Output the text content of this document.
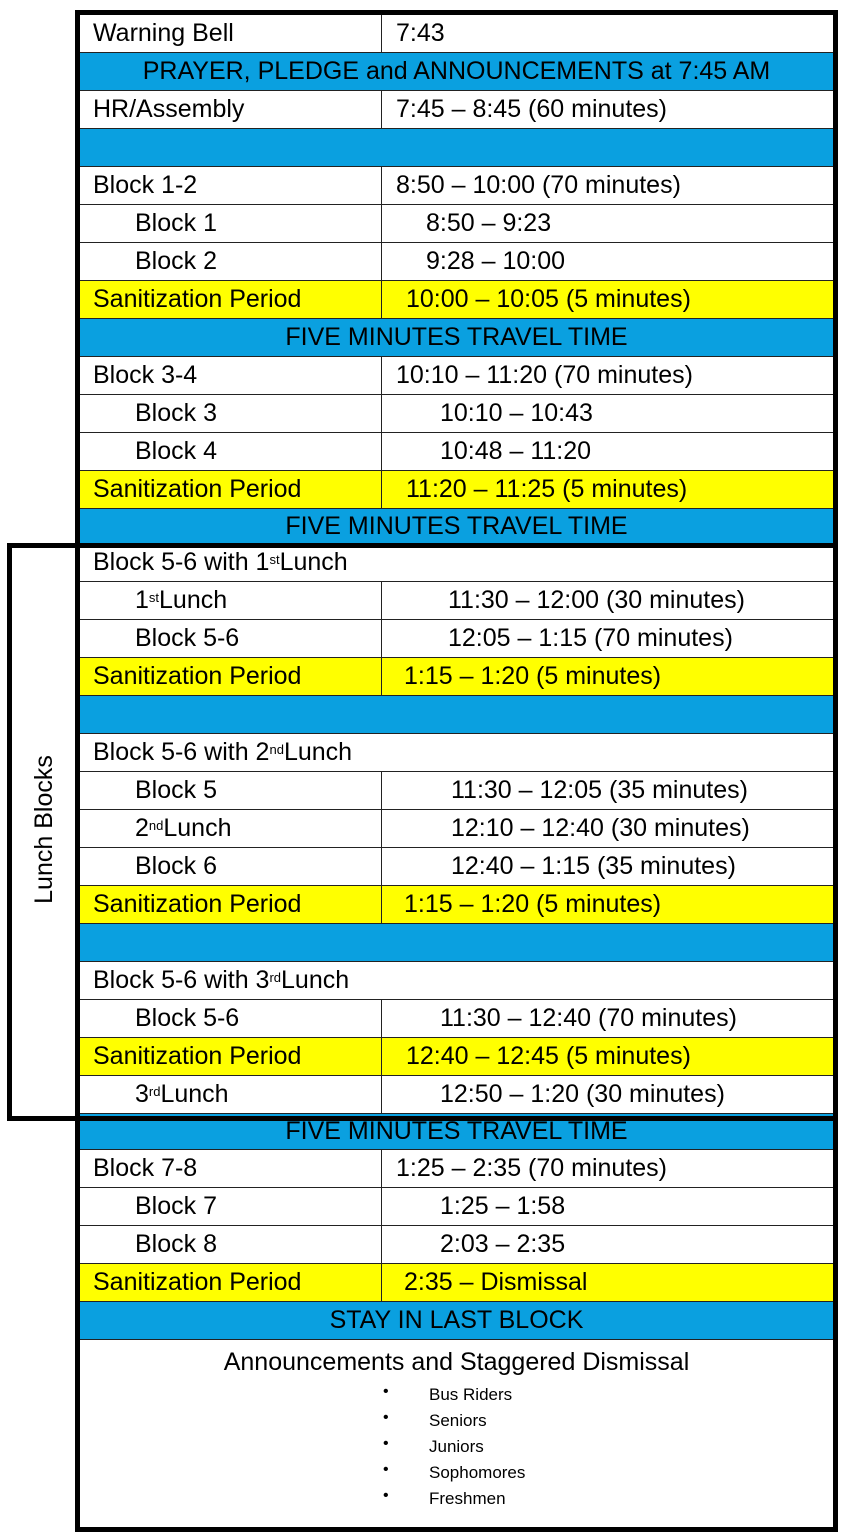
Warning Bell	7:43
PRAYER, PLEDGE and ANNOUNCEMENTS at 7:45 AM
HR/Assembly	7:45 – 8:45 (60 minutes)
Block 1-2	8:50 – 10:00 (70 minutes)
Block 1	8:50 – 9:23
Block 2	9:28 – 10:00
Sanitization Period	10:00 – 10:05 (5 minutes)
FIVE MINUTES TRAVEL TIME
Block 3-4	10:10 – 11:20 (70 minutes)
Block 3	10:10 – 10:43
Block 4	10:48 – 11:20
Sanitization Period	11:20 – 11:25 (5 minutes)
FIVE MINUTES TRAVEL TIME
Block 5-6 with 1st Lunch
1st Lunch	11:30 – 12:00 (30 minutes)
Block 5-6	12:05 – 1:15 (70 minutes)
Sanitization Period	1:15 – 1:20 (5 minutes)
Block 5-6 with 2nd Lunch
Block 5	11:30 – 12:05 (35 minutes)
2nd Lunch	12:10 – 12:40 (30 minutes)
Block 6	12:40 – 1:15 (35 minutes)
Sanitization Period	1:15 – 1:20 (5 minutes)
Block 5-6 with 3rd Lunch
Block 5-6	11:30 – 12:40 (70 minutes)
Sanitization Period	12:40 – 12:45 (5 minutes)
3rd Lunch	12:50 – 1:20 (30 minutes)
FIVE MINUTES TRAVEL TIME
Block 7-8	1:25 – 2:35 (70 minutes)
Block 7	1:25 – 1:58
Block 8	2:03 – 2:35
Sanitization Period	2:35 – Dismissal
STAY IN LAST BLOCK
Announcements and Staggered Dismissal
• Bus Riders
• Seniors
• Juniors
• Sophomores
• Freshmen
Lunch Blocks
